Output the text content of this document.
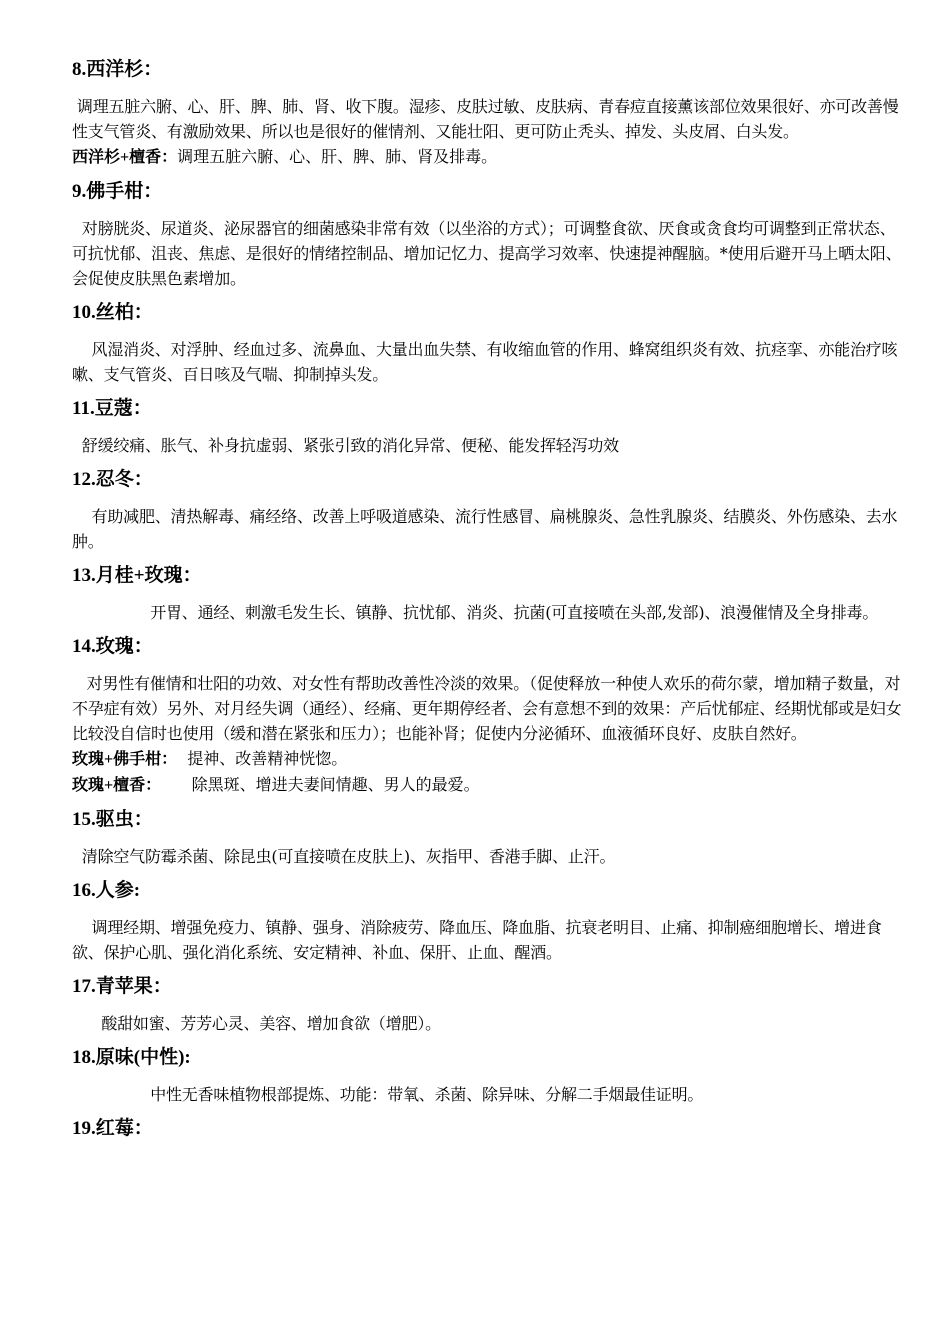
8.西洋杉：

调理五脏六腑、心、肝、脾、肺、肾、收下腹。湿疹、皮肤过敏、皮肤病、青春痘直接薰该部位效果很好、亦可改善慢性支气管炎、有激励效果、所以也是很好的催情剂、又能壮阳、更可防止秃头、掉发、头皮屑、白头发。

西洋杉+檀香：调理五脏六腑、心、肝、脾、肺、肾及排毒。

9.佛手柑：

对膀胱炎、尿道炎、泌尿器官的细菌感染非常有效（以坐浴的方式）；可调整食欲、厌食或贪食均可调整到正常状态、可抗忧郁、沮丧、焦虑、是很好的情绪控制品、增加记忆力、提高学习效率、快速提神醒脑。*使用后避开马上晒太阳、会促使皮肤黑色素增加。

10.丝柏：

风湿消炎、对浮肿、经血过多、流鼻血、大量出血失禁、有收缩血管的作用、蜂窝组织炎有效、抗痉挛、亦能治疗咳嗽、支气管炎、百日咳及气喘、抑制掉头发。

11.豆蔻：

舒缓绞痛、胀气、补身抗虚弱、紧张引致的消化异常、便秘、能发挥轻泻功效

12.忍冬：

有助减肥、清热解毒、痛经络、改善上呼吸道感染、流行性感冒、扁桃腺炎、急性乳腺炎、结膜炎、外伤感染、去水肿。

13.月桂+玫瑰：

开胃、通经、刺激毛发生长、镇静、抗忧郁、消炎、抗菌(可直接喷在头部,发部)、浪漫催情及全身排毒。

14.玫瑰：

对男性有催情和壮阳的功效、对女性有帮助改善性冷淡的效果。（促使释放一种使人欢乐的荷尔蒙，增加精子数量，对不孕症有效）另外、对月经失调（通经）、经痛、更年期停经者、会有意想不到的效果：产后忧郁症、经期忧郁或是妇女比较没自信时也使用（缓和潜在紧张和压力）；也能补肾；促使内分泌循环、血液循环良好、皮肤自然好。

玫瑰+佛手柑：  提神、改善精神恍惚。

玫瑰+檀香：      除黑斑、增进夫妻间情趣、男人的最爱。

15.驱虫：

清除空气防霉杀菌、除昆虫(可直接喷在皮肤上)、灰指甲、香港手脚、止汗。

16.人参:

调理经期、增强免疫力、镇静、强身、消除疲劳、降血压、降血脂、抗衰老明目、止痛、抑制癌细胞增长、增进食欲、保护心肌、强化消化系统、安定精神、补血、保肝、止血、醒酒。

17.青苹果：

酸甜如蜜、芳芳心灵、美容、增加食欲（增肥）。

18.原味(中性):

中性无香味植物根部提炼、功能：带氧、杀菌、除异味、分解二手烟最佳证明。

19.红莓：
